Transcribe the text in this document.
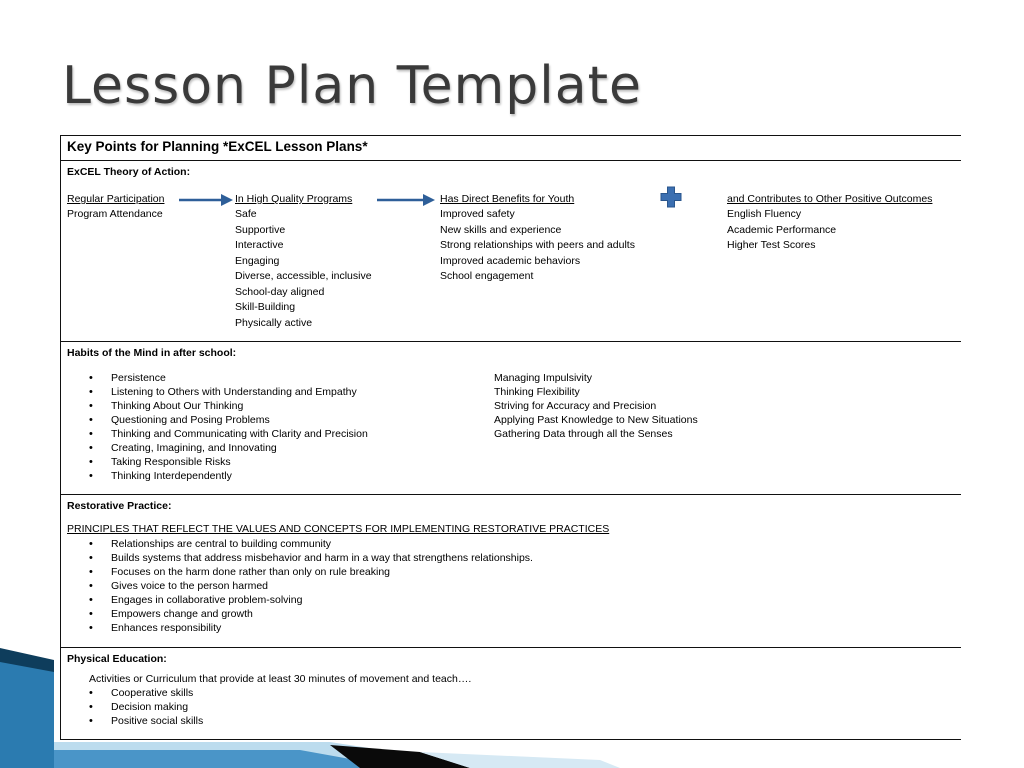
Lesson Plan Template
Key Points for Planning *ExCEL Lesson Plans*
ExCEL Theory of Action:
Regular Participation
Program Attendance
In High Quality Programs
Safe
Supportive
Interactive
Engaging
Diverse, accessible, inclusive
School-day aligned
Skill-Building
Physically active
Has Direct Benefits for Youth
Improved safety
New skills and experience
Strong relationships with peers and adults
Improved academic behaviors
School engagement
and Contributes to Other Positive Outcomes
English Fluency
Academic Performance
Higher Test Scores
Habits of the Mind in after school:
• Persistence
• Listening to Others with Understanding and Empathy
• Thinking About Our Thinking
• Questioning and Posing Problems
• Thinking and Communicating with Clarity and Precision
• Creating, Imagining, and Innovating
• Taking Responsible Risks
• Thinking Interdependently
Managing Impulsivity
Thinking Flexibility
Striving for Accuracy and Precision
Applying Past Knowledge to New Situations
Gathering Data through all the Senses
Restorative Practice:
PRINCIPLES THAT REFLECT THE VALUES AND CONCEPTS FOR IMPLEMENTING RESTORATIVE PRACTICES
• Relationships are central to building community
• Builds systems that address misbehavior and harm in a way that strengthens relationships.
• Focuses on the harm done rather than only on rule breaking
• Gives voice to the person harmed
• Engages in collaborative problem-solving
• Empowers change and growth
• Enhances responsibility
Physical Education:
Activities or Curriculum that provide at least 30 minutes of movement and teach….
• Cooperative skills
• Decision making
• Positive social skills
